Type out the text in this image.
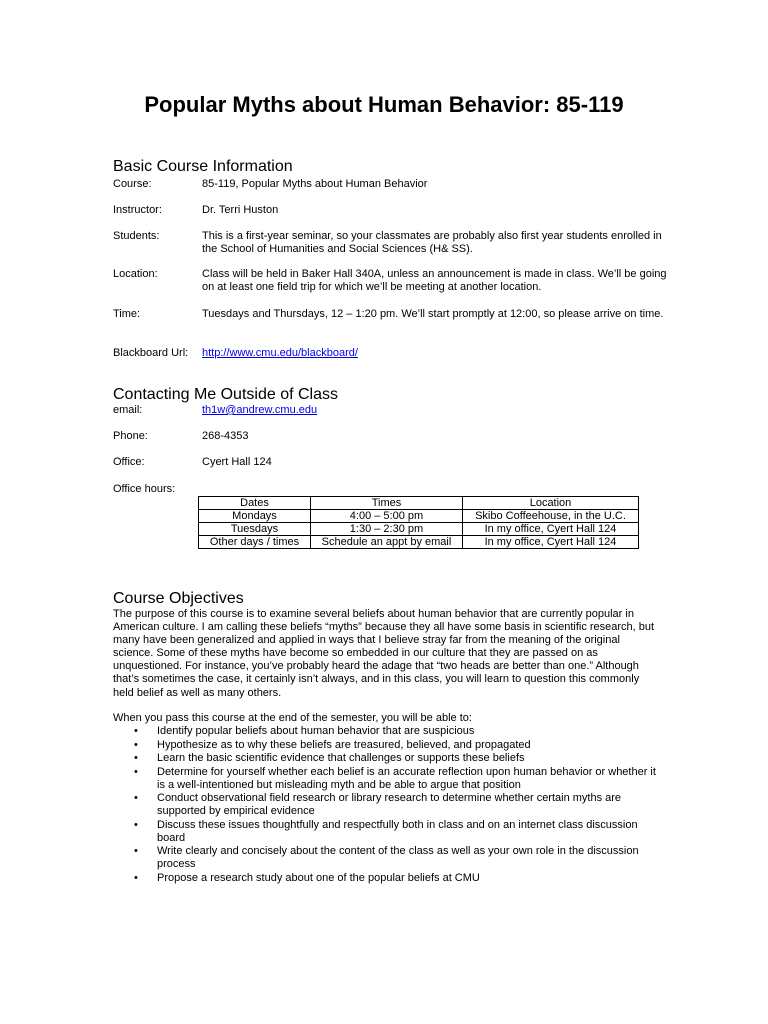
Popular Myths about Human Behavior: 85-119
Basic Course Information
Course:	85-119, Popular Myths about Human Behavior
Instructor:	Dr. Terri Huston
Students:	This is a first-year seminar, so your classmates are probably also first year students enrolled in the School of Humanities and Social Sciences (H& SS).
Location:	Class will be held in Baker Hall 340A, unless an announcement is made in class. We’ll be going on at least one field trip for which we’ll be meeting at another location.
Time:	Tuesdays and Thursdays, 12 – 1:20 pm. We’ll start promptly at 12:00, so please arrive on time.
Blackboard Url:	http://www.cmu.edu/blackboard/
Contacting Me Outside of Class
email:	th1w@andrew.cmu.edu
Phone:	268-4353
Office:	Cyert Hall 124
Office hours:
Dates	Times	Location
Mondays	4:00 – 5:00 pm	Skibo Coffeehouse, in the U.C.
Tuesdays	1:30 – 2:30 pm	In my office, Cyert Hall 124
Other days / times	Schedule an appt by email	In my office, Cyert Hall 124
Course Objectives
The purpose of this course is to examine several beliefs about human behavior that are currently popular in American culture. I am calling these beliefs “myths” because they all have some basis in scientific research, but many have been generalized and applied in ways that I believe stray far from the meaning of the original science. Some of these myths have become so embedded in our culture that they are passed on as unquestioned. For instance, you’ve probably heard the adage that “two heads are better than one.” Although that’s sometimes the case, it certainly isn’t always, and in this class, you will learn to question this commonly held belief as well as many others.
When you pass this course at the end of the semester, you will be able to:
• Identify popular beliefs about human behavior that are suspicious
• Hypothesize as to why these beliefs are treasured, believed, and propagated
• Learn the basic scientific evidence that challenges or supports these beliefs
• Determine for yourself whether each belief is an accurate reflection upon human behavior or whether it is a well-intentioned but misleading myth and be able to argue that position
• Conduct observational field research or library research to determine whether certain myths are supported by empirical evidence
• Discuss these issues thoughtfully and respectfully both in class and on an internet class discussion board
• Write clearly and concisely about the content of the class as well as your own role in the discussion process
• Propose a research study about one of the popular beliefs at CMU
